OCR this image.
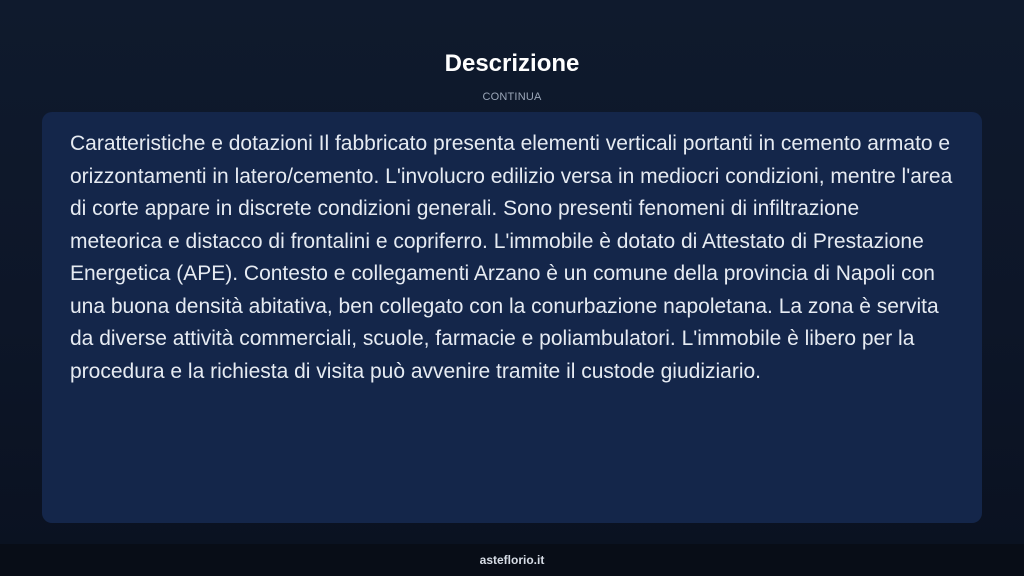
Descrizione
CONTINUA

Caratteristiche e dotazioni Il fabbricato presenta elementi verticali portanti in cemento armato e orizzontamenti in latero/cemento. L'involucro edilizio versa in mediocri condizioni, mentre l'area di corte appare in discrete condizioni generali. Sono presenti fenomeni di infiltrazione meteorica e distacco di frontalini e copriferro. L'immobile è dotato di Attestato di Prestazione Energetica (APE). Contesto e collegamenti Arzano è un comune della provincia di Napoli con una buona densità abitativa, ben collegato con la conurbazione napoletana. La zona è servita da diverse attività commerciali, scuole, farmacie e poliambulatori. L'immobile è libero per la procedura e la richiesta di visita può avvenire tramite il custode giudiziario.

asteflorio.it
